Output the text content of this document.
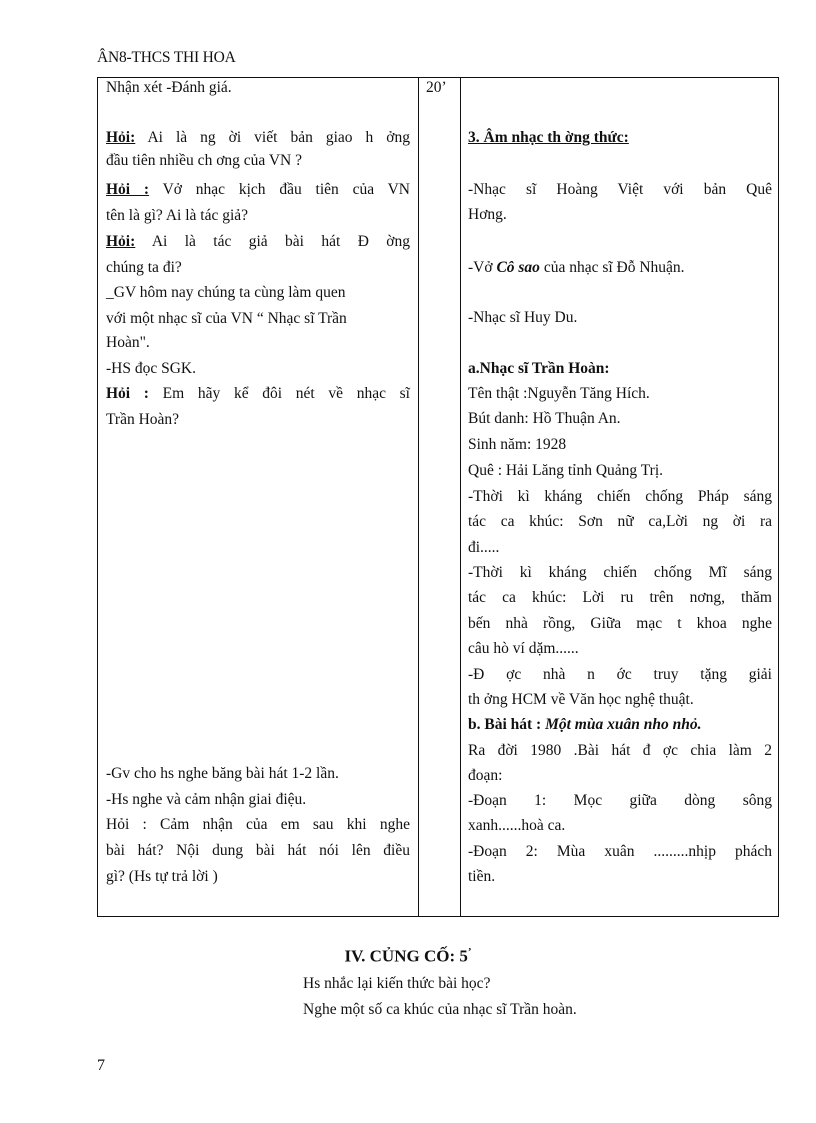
ÂN8-THCS THI HOA
Nhận xét -Đánh giá.
Hỏi: Ai là ng ời viết bản giao h ởng
đầu tiên nhiều ch ơng của VN ?
Hỏi : Vở nhạc kịch đầu tiên của VN
tên là gì? Ai là tác giả?
Hỏi: Ai là tác giả bài hát Đ ờng
chúng ta đi?
_GV hôm nay chúng ta cùng làm quen
với một nhạc sĩ của VN “ Nhạc sĩ Trần
Hoàn".
-HS đọc SGK.
Hỏi : Em hãy kể đôi nét về nhạc sĩ
Trần Hoàn?
-Gv cho hs nghe băng bài hát 1-2 lần.
-Hs nghe và cảm nhận giai điệu.
Hỏi : Cảm nhận của em sau khi nghe
bài hát? Nội dung bài hát nói lên điều
gì? (Hs tự trả lời )
20’
3. Âm nhạc th ờng thức:
-Nhạc sĩ Hoàng Việt với bản Quê
Hơng.
-Vở Cô sao của nhạc sĩ Đỗ Nhuận.
-Nhạc sĩ Huy Du.
a.Nhạc sĩ Trần Hoàn:
Tên thật :Nguyễn Tăng Hích.
Bút danh: Hồ Thuận An.
Sinh năm: 1928
Quê : Hải Lăng tỉnh Quảng Trị.
-Thời kì kháng chiến chống Pháp sáng
tác ca khúc: Sơn nữ ca,Lời ng ời ra
đi.....
-Thời kì kháng chiến chống Mĩ sáng
tác ca khúc: Lời ru trên nơng, thăm
bến nhà rồng, Giữa mạc t khoa nghe
câu hò ví dặm......
-Đ ợc nhà n ớc truy tặng giải
th ởng HCM về Văn học nghệ thuật.
b. Bài hát : Một mùa xuân nho nhỏ.
Ra đời 1980 .Bài hát đ ợc chia làm 2
đoạn:
-Đoạn 1: Mọc giữa dòng sông
xanh......hoà ca.
-Đoạn 2: Mùa xuân .........nhịp phách
tiền.
IV. CỦNG CỐ: 5’
Hs nhắc lại kiến thức bài học?
Nghe một số ca khúc của nhạc sĩ Trần hoàn.
7
